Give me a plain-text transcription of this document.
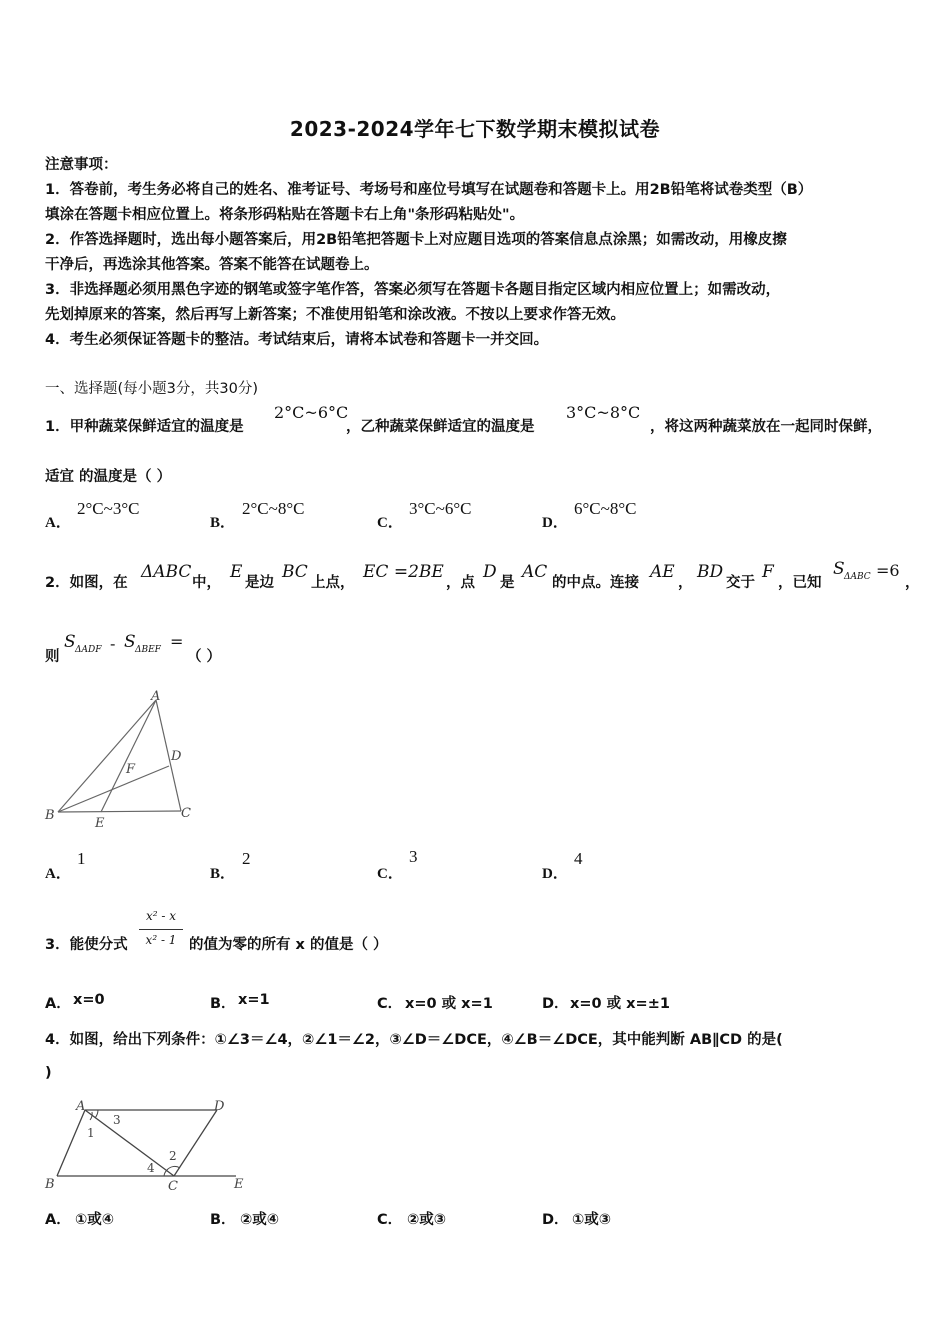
2023-2024学年七下数学期末模拟试卷
注意事项：
1．答卷前，考生务必将自己的姓名、准考证号、考场号和座位号填写在试题卷和答题卡上。用2B铅笔将试卷类型（B）
填涂在答题卡相应位置上。将条形码粘贴在答题卡右上角"条形码粘贴处"。
2．作答选择题时，选出每小题答案后，用2B铅笔把答题卡上对应题目选项的答案信息点涂黑；如需改动，用橡皮擦
干净后，再选涂其他答案。答案不能答在试题卷上。
3．非选择题必须用黑色字迹的钢笔或签字笔作答，答案必须写在答题卡各题目指定区域内相应位置上；如需改动，
先划掉原来的答案，然后再写上新答案；不准使用铅笔和涂改液。不按以上要求作答无效。
4．考生必须保证答题卡的整洁。考试结束后，请将本试卷和答题卡一并交回。
一、选择题(每小题3分，共30分)
1．甲种蔬菜保鲜适宜的温度是
2°C~6°C
，乙种蔬菜保鲜适宜的温度是
3°C~8°C
，将这两种蔬菜放在一起同时保鲜，
适宜 的温度是（ ）
A．
2°C~3°C
B．
2°C~8°C
C．
3°C~6°C
D．
6°C~8°C
2．如图，在
ΔABC
中，
E
是边
BC
上点，
EC =2BE
，点
D
是
AC
的中点。连接
AE
，
BD
交于
F
，已知
S ΔABC =6
，
则
S ΔADF - S ΔBEF =
（ ）
A
B	C
D
E
F
A．
1
B．
2
C．
3
D．
4
3．能使分式
x² - x
x² - 1 的值为零的所有 x 的值是（ ）
A． x=0	B． x=1	C． x=0 或 x=1	D． x=0 或 x=±1
4．如图，给出下列条件：①∠3＝∠4，②∠1＝∠2，③∠D＝∠DCE，④∠B＝∠DCE，其中能判断 AB∥CD 的是(
)
A
B	C
D
E
1
2
3
4
A． ①或④	B． ②或④	C． ②或③	D． ①或③
